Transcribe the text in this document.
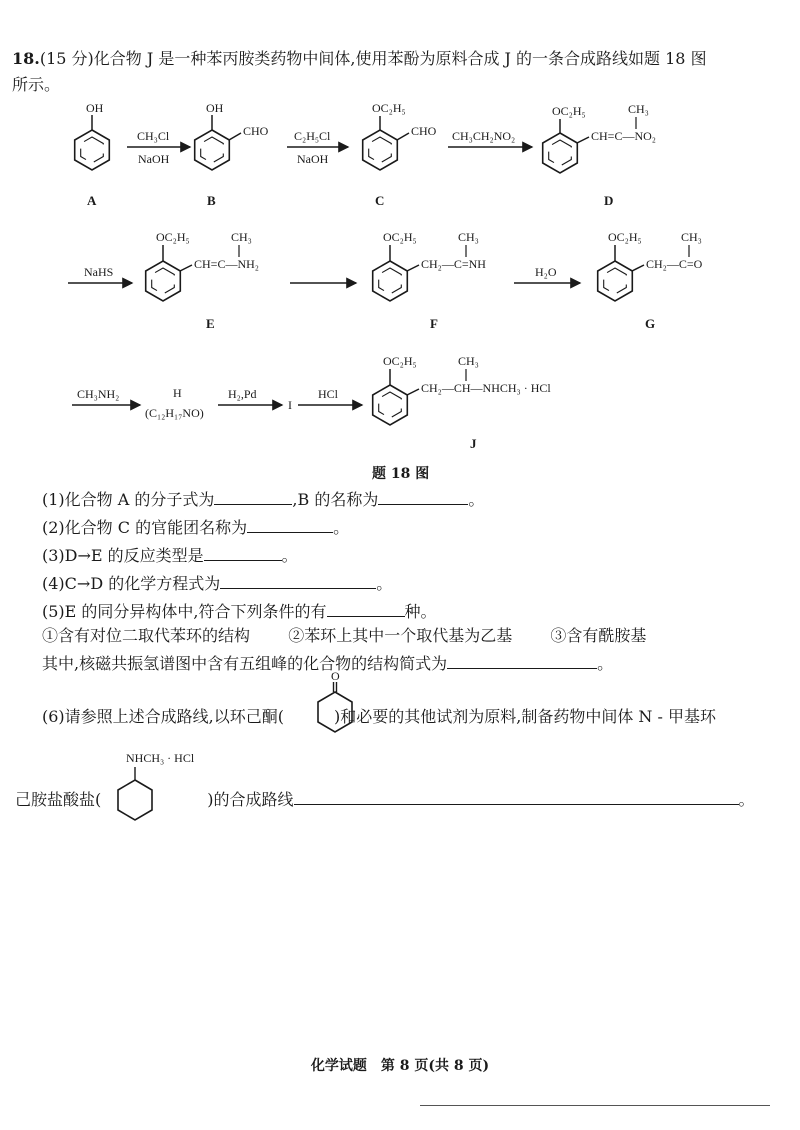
18.(15 分)化合物 J 是一种苯丙胺类药物中间体,使用苯酚为原料合成 J 的一条合成路线如题 18 图
所示。
OH
A
CH₃Cl
NaOH
OH
CHO
B
C₂H₅Cl
NaOH
OC₂H₅
CHO
C
CH₃CH₂NO₂
OC₂H₅
CH=C—NO₂
CH₃
D
NaHS
OC₂H₅
CH=C—NH₂
CH₃
E
OC₂H₅
CH₂—C=NH
CH₃
F
H₂O
OC₂H₅
CH₂—C=O
CH₃
G
CH₃NH₂	H
(C₁₂H₁₇NO)
H₂,Pd
I
HCl
OC₂H₅
CH₂—CH—NHCH₃ · HCl
CH₃
J
题 18 图
(1)化合物 A 的分子式为	,B 的名称为	。
(2)化合物 C 的官能团名称为	。
(3)D→E 的反应类型是	。
(4)C→D 的化学方程式为	。
(5)E 的同分异构体中,符合下列条件的有	种。
①含有对位二取代苯环的结构 ②苯环上其中一个取代基为乙基 ③含有酰胺基
其中,核磁共振氢谱图中含有五组峰的化合物的结构简式为	。
(6)请参照上述合成路线,以环己酮(	)和必要的其他试剂为原料,制备药物中间体 N - 甲基环
O
己胺盐酸盐(	)的合成路线	。
NHCH₃ · HCl
化学试题　第 8 页(共 8 页)
